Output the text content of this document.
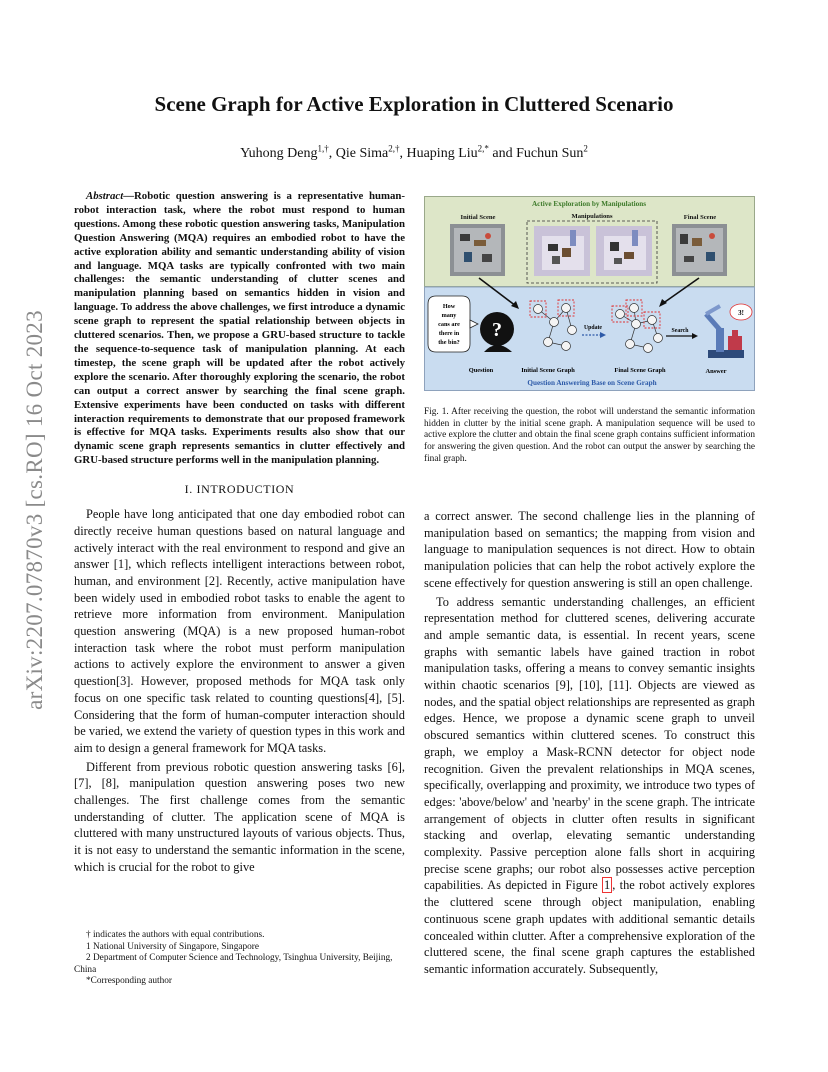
arXiv:2207.07870v3 [cs.RO] 16 Oct 2023
Scene Graph for Active Exploration in Cluttered Scenario

Yuhong Deng$^{1,\dagger}$, Qie Sima$^{2,\dagger}$, Huaping Liu$^{2,*}$ and Fuchun Sun$^2$

Abstract—Robotic question answering is a representative human-robot interaction task, where the robot must respond to human questions. Among these robotic question answering tasks, Manipulation Question Answering (MQA) requires an embodied robot to have the active exploration ability and semantic understanding ability of vision and language. MQA tasks are typically confronted with two main challenges: the semantic understanding of clutter scenes and manipulation planning based on semantics hidden in vision and language. To address the above challenges, we first introduce a dynamic scene graph to represent the spatial relationship between objects in cluttered scenarios. Then, we propose a GRU-based structure to tackle the sequence-to-sequence task of manipulation planning. At each timestep, the scene graph will be updated after the robot actively explore the scenario. After thoroughly exploring the scenario, the robot can output a correct answer by searching the final scene graph. Extensive experiments have been conducted on tasks with different interaction requirements to demonstrate that our proposed framework is effective for MQA tasks. Experiments results also show that our dynamic scene graph represents semantics in clutter effectively and GRU-based structure performs well in the manipulation planning.

I. INTRODUCTION

People have long anticipated that one day embodied robot can directly receive human questions based on natural language and actively interact with the real environment to respond and give an answer [1], which reflects intelligent interactions between robot, human, and environment [2]. Recently, active manipulation have been widely used in embodied robot tasks to enable the agent to retrieve more information from environment. Manipulation question answering (MQA) is a new proposed human-robot interaction task where the robot must perform manipulation actions to actively explore the environment to answer a given question[3]. However, proposed methods for MQA task only focus on one specific task related to counting questions[4], [5]. Considering that the form of human-computer interaction should be varied, we extend the variety of question types in this work and aim to design a general framework for MQA tasks.

Different from previous robotic question answering tasks [6], [7], [8], manipulation question answering poses two new challenges. The first challenge comes from the semantic understanding of clutter. The application scene of MQA is cluttered with many unstructured layouts of various objects. Thus, it is not easy to understand the semantic information in the scene, which is crucial for the robot to give

† indicates the authors with equal contributions.

1 National University of Singapore, Singapore

2 Department of Computer Science and Technology, Tsinghua University, Beijing, China

*Corresponding author

Active Exploration by Manipulations
Initial Scene	Manipulations	Final Scene
How
many
cans are
there in
the bin?
?	Update	Search
3!
Question	Initial Scene Graph	Final Scene Graph	Answer
Question Answering Base on Scene Graph

Fig. 1. After receiving the question, the robot will understand the semantic information hidden in clutter by the initial scene graph. A manipulation sequence will be used to active explore the clutter and obtain the final scene graph contains sufficient information for answering the given question. And the robot can output the answer by searching the final graph.

a correct answer. The second challenge lies in the planning of manipulation based on semantics; the mapping from vision and language to manipulation sequences is not direct. How to obtain manipulation policies that can help the robot actively explore the scene effectively for question answering is still an open challenge.

To address semantic understanding challenges, an efficient representation method for cluttered scenes, delivering accurate and ample semantic data, is essential. In recent years, scene graphs with semantic labels have gained traction in robot manipulation tasks, offering a means to convey semantic insights within chaotic scenarios [9], [10], [11]. Objects are viewed as nodes, and the spatial object relationships are represented as graph edges. Hence, we propose a dynamic scene graph to unveil obscured semantics within cluttered scenes. To construct this graph, we employ a Mask-RCNN detector for object node recognition. Given the prevalent relationships in MQA scenes, specifically, overlapping and proximity, we introduce two types of edges: 'above/below' and 'nearby' in the scene graph. The intricate arrangement of objects in clutter often results in significant stacking and overlap, elevating semantic understanding complexity. Passive perception alone falls short in acquiring precise scene graphs; our robot also possesses active perception capabilities. As depicted in Figure 1 , the robot actively explores the cluttered scene through object manipulation, enabling continuous scene graph updates with additional semantic details concealed within clutter. After a comprehensive exploration of the cluttered scene, the final scene graph captures the established semantic information accurately. Subsequently,
